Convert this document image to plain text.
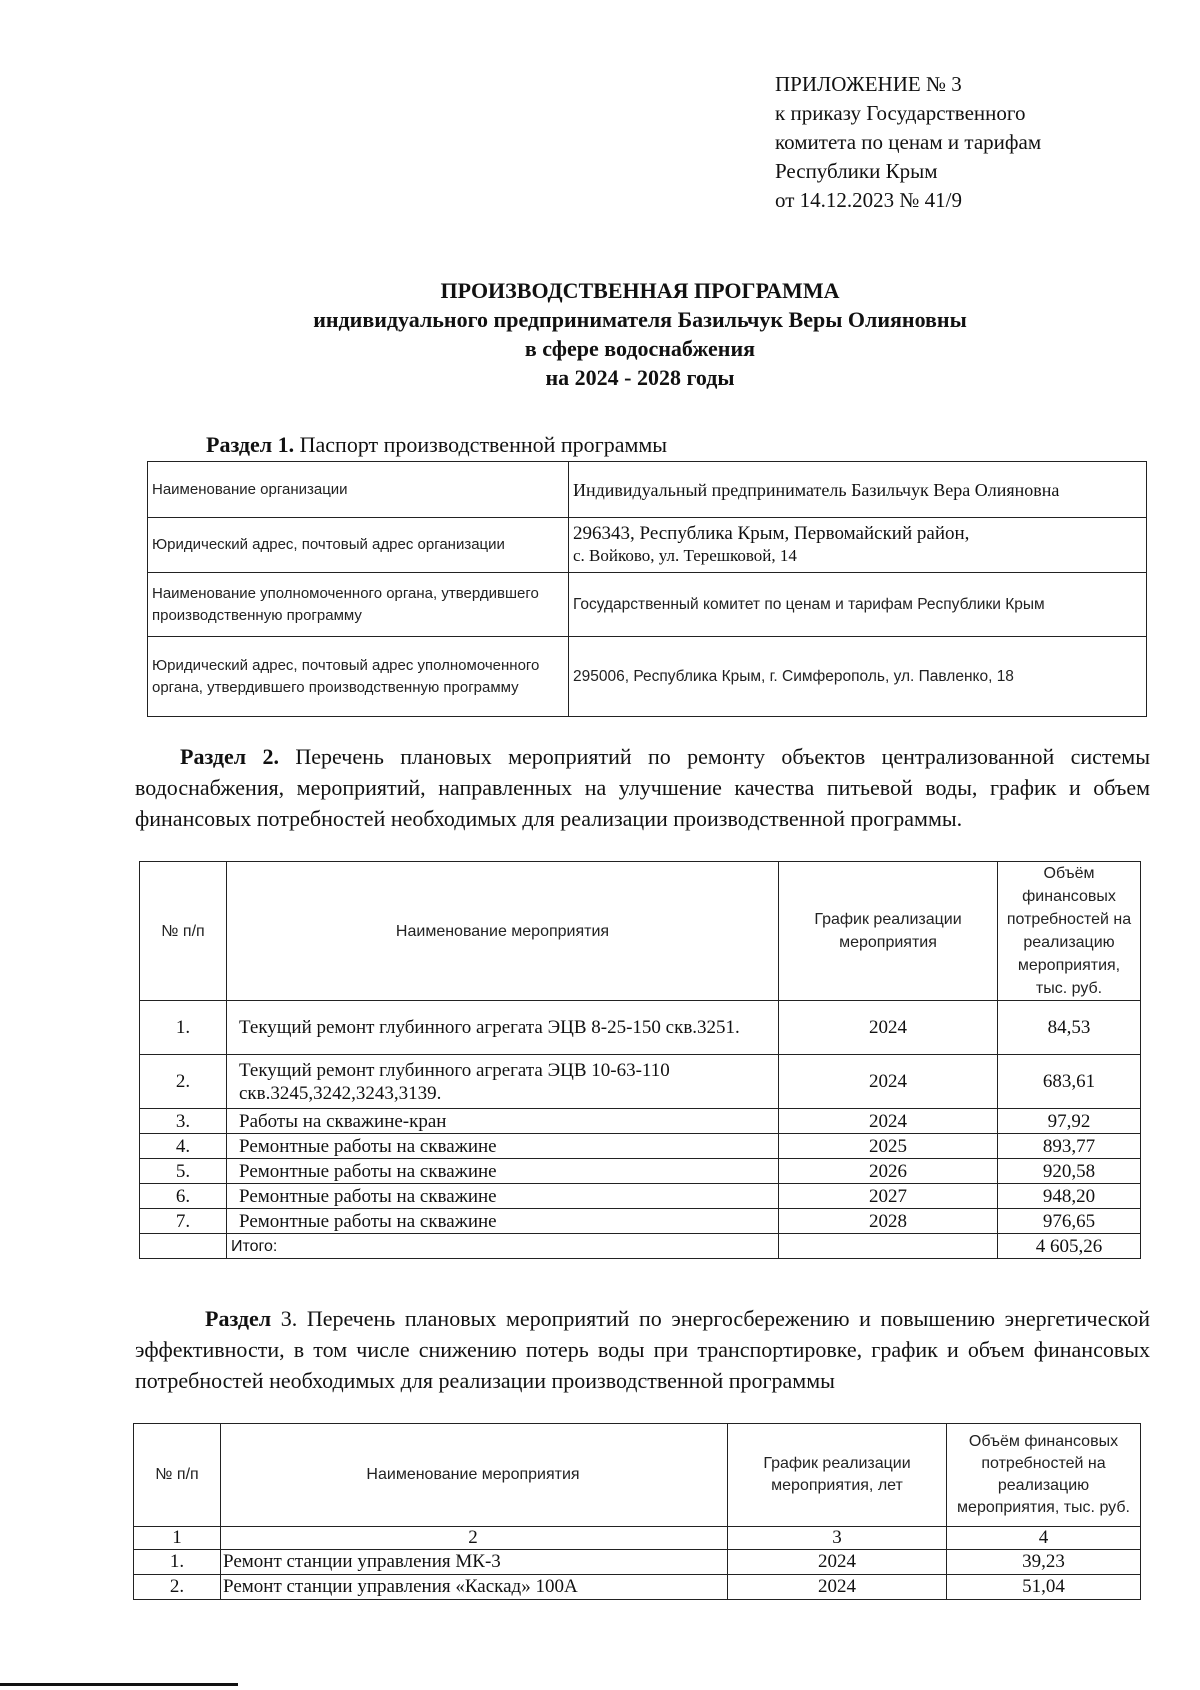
ПРИЛОЖЕНИЕ № 3
к приказу Государственного
комитета по ценам и тарифам
Республики Крым
от 14.12.2023 № 41/9
ПРОИЗВОДСТВЕННАЯ ПРОГРАММА
индивидуального предпринимателя Базильчук Веры Олияновны
в сфере водоснабжения
на 2024 - 2028 годы
Раздел 1. Паспорт производственной программы
Наименование организации	Индивидуальный предприниматель Базильчук Вера Олияновна
Юридический адрес, почтовый адрес организации	296343, Республика Крым, Первомайский район,
с. Войково, ул. Терешковой, 14

Наименование уполномоченного органа, утвердившего производственную программу	Государственный комитет по ценам и тарифам Республики Крым
Юридический адрес, почтовый адрес уполномоченного органа, утвердившего производственную программу	295006, Республика Крым, г. Симферополь, ул. Павленко, 18
Раздел 2. Перечень плановых мероприятий по ремонту объектов централизованной системы водоснабжения, мероприятий, направленных на улучшение качества питьевой воды, график и объем финансовых потребностей необходимых для реализации производственной программы.
№ п/п	Наименование мероприятия	График реализации мероприятия	Объём финансовых потребностей на реализацию мероприятия, тыс. руб.
1.	Текущий ремонт глубинного агрегата ЭЦВ 8-25-150 скв.3251.	2024	84,53
2.	Текущий ремонт глубинного агрегата ЭЦВ 10-63-110 скв.3245,3242,3243,3139.	2024	683,61
3.	Работы на скважине-кран	2024	97,92
4.	Ремонтные работы на скважине	2025	893,77
5.	Ремонтные работы на скважине	2026	920,58
6.	Ремонтные работы на скважине	2027	948,20
7.	Ремонтные работы на скважине	2028	976,65
	Итого:		4 605,26
Раздел 3. Перечень плановых мероприятий по энергосбережению и повышению энергетической эффективности, в том числе снижению потерь воды при транспортировке, график и объем финансовых потребностей необходимых для реализации производственной программы
№ п/п	Наименование мероприятия	График реализации мероприятия, лет	Объём финансовых потребностей на реализацию мероприятия, тыс. руб.
1	2	3	4
1.	Ремонт станции управления МК-3	2024	39,23
2.	Ремонт станции управления «Каскад» 100А	2024	51,04
